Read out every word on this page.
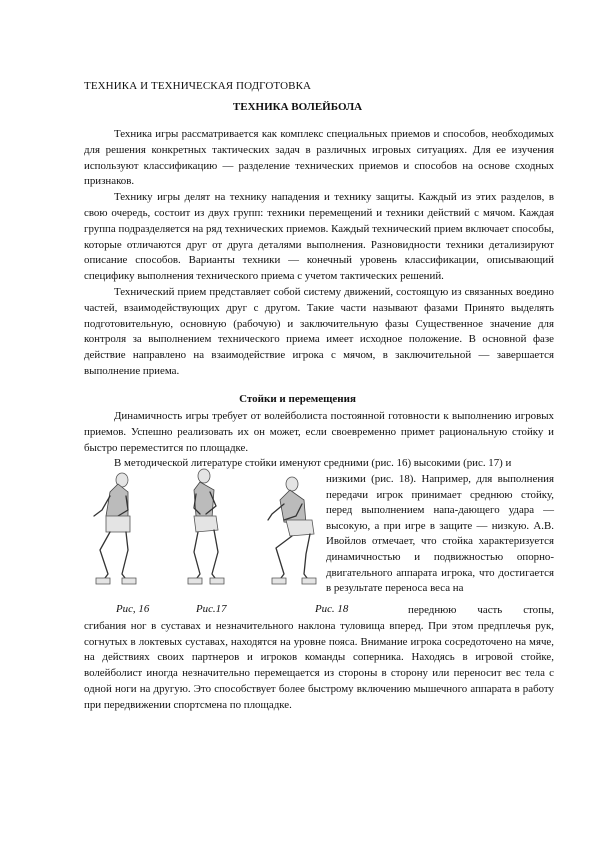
ТЕХНИКА И ТЕХНИЧЕСКАЯ ПОДГОТОВКА
ТЕХНИКА ВОЛЕЙБОЛА

Техника игры рассматривается как комплекс специальных приемов и способов, необходимых для решения конкретных тактических задач в различных игровых ситуациях. Для ее изучения используют классификацию — разделение технических приемов и способов на основе сходных признаков.

Технику игры делят на технику нападения и технику защиты. Каждый из этих разделов, в свою очередь, состоит из двух групп: техники перемещений и техники действий с мячом. Каждая группа подразделяется на ряд технических приемов. Каждый технический прием включает способы, которые отличаются друг от друга деталями выполнения. Разновидности техники детализируют описание способов. Варианты техники — конечный уровень классификации, описывающий специфику выполнения технического приема с учетом тактических решений.

Технический прием представляет собой систему движений, состоящую из связанных воедино частей, взаимодействующих друг с другом. Такие части называют фазами Принято выделять подготовительную, основную (рабочую) и заключительную фазы Существенное значение для контроля за выполнением технического приема имеет исходное положение. В основной фазе действие направлено на взаимодействие игрока с мячом, в заключительной — завершается выполнение приема.

Стойки и перемещения

Динамичность игры требует от волейболиста постоянной готовности к выполнению игровых приемов. Успешно реализовать их он может, если своевременно примет рациональную стойку и быстро переместится по площадке.

В методической литературе стойки именуют средними (рис. 16) высокими (рис. 17) и

низкими (рис. 18). Например, для выполнения передачи игрок принимает среднюю стойку, перед выполнением напа-дающего удара — высокую, а при игре в защите — низкую. А.В. Ивойлов отмечает, что стойка характеризуется динамичностью и подвижностью опорно-двигательного аппарата игрока, что достигается в результате переноса веса на
Рис, 16	Рис.17	Рис. 18	переднюю часть стопы, сгибания ног в суставах и незначительного наклона туловища вперед. При этом предплечья рук, согнутых в локтевых суставах, находятся на уровне пояса. Внимание игрока сосредоточено на мяче, на действиях своих партнеров и игроков команды соперника. Находясь в игровой стойке, волейболист иногда незначительно перемещается из стороны в сторону или переносит вес тела с одной ноги на другую. Это способствует более быстрому включению мышечного аппарата в работу при передвижении спортсмена по площадке.
